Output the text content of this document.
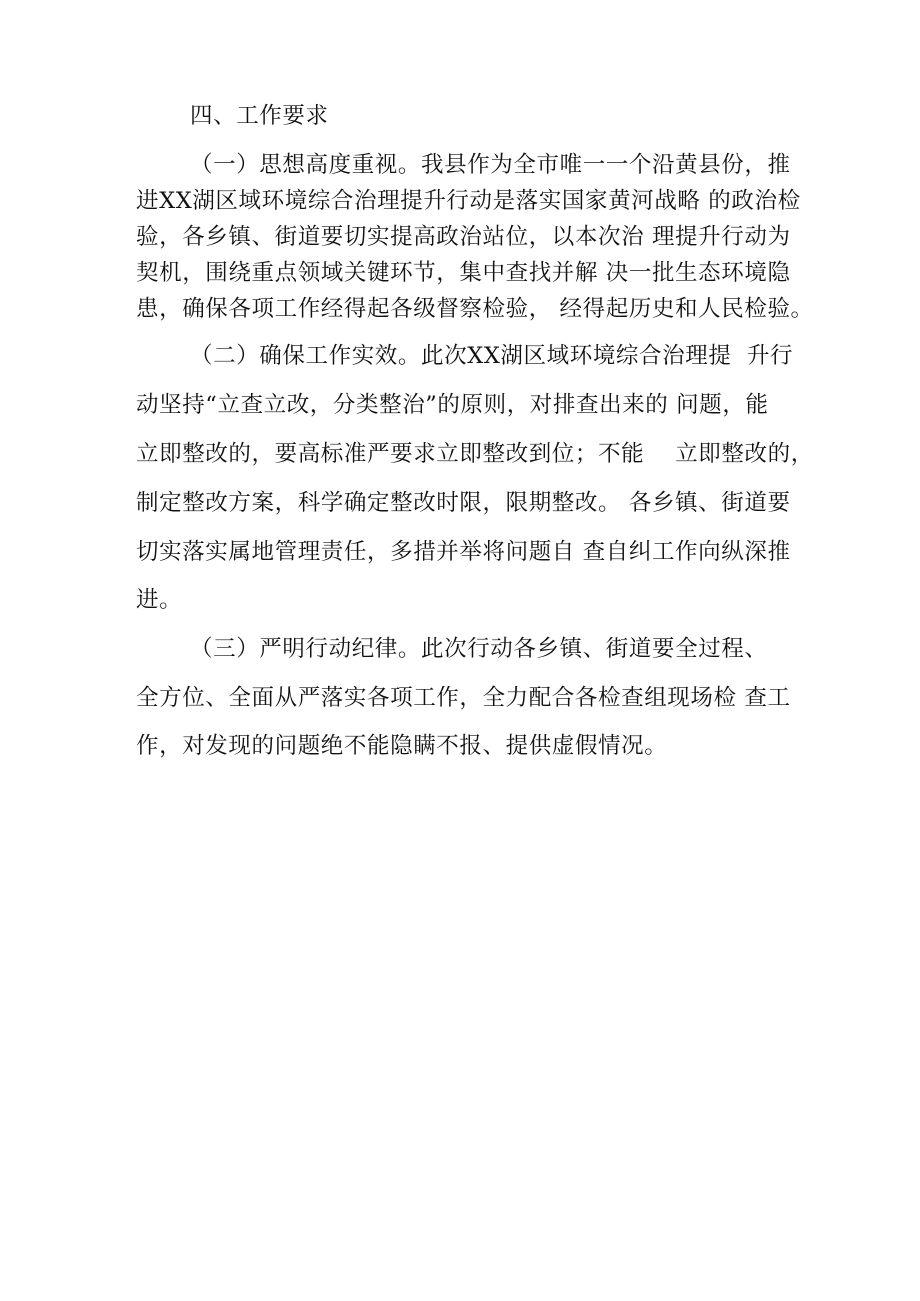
四、工作要求
（一）思想高度重视。我县作为全市唯一一个沿黄县份，推
进XX湖区域环境综合治理提升行动是落实国家黄河战略 的政治检
验，各乡镇、街道要切实提高政治站位，以本次治 理提升行动为
契机，围绕重点领域关键环节，集中查找并解 决一批生态环境隐
患，确保各项工作经得起各级督察检验， 经得起历史和人民检验。
（二）确保工作实效。此次XX湖区域环境综合治理提  升行
动坚持“立查立改，分类整治”的原则，对排查出来的 问题，能
立即整改的，要高标准严要求立即整改到位；不能    立即整改的，
制定整改方案，科学确定整改时限，限期整改。 各乡镇、街道要
切实落实属地管理责任，多措并举将问题自 查自纠工作向纵深推
进。
（三）严明行动纪律。此次行动各乡镇、街道要全过程、
全方位、全面从严落实各项工作，全力配合各检查组现场检 查工
作，对发现的问题绝不能隐瞒不报、提供虚假情况。
